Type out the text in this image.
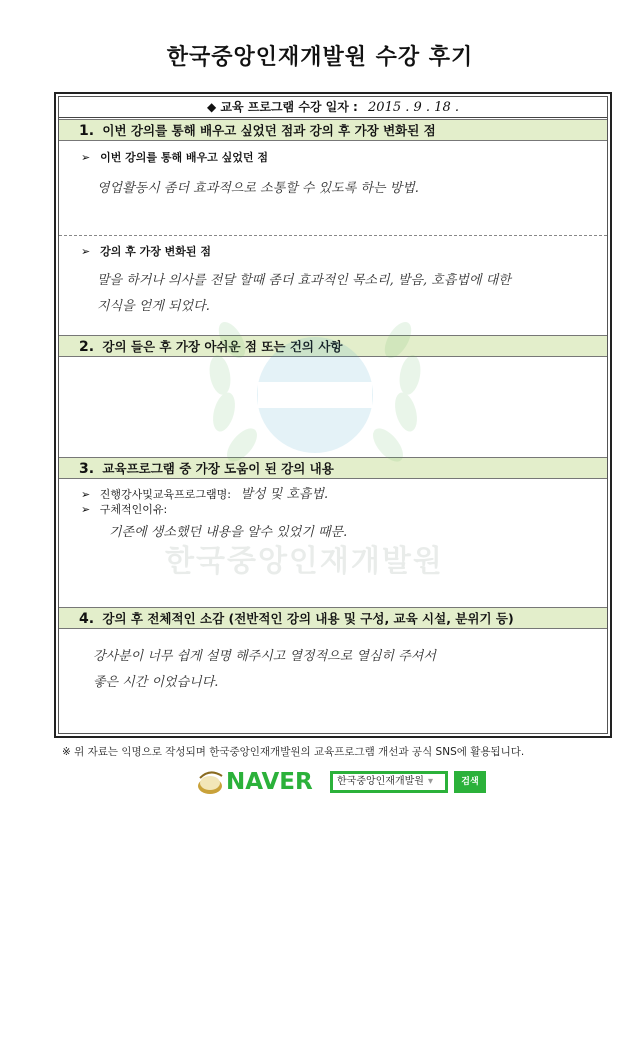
한국중앙인재개발원 수강 후기
◆ 교육 프로그램 수강 일자 : 2015 . 9 . 18 .
1. 이번 강의를 통해 배우고 싶었던 점과 강의 후 가장 변화된 점
➢ 이번 강의를 통해 배우고 싶었던 점
영업활동시 좀더 효과적으로 소통할 수 있도록 하는 방법.
➢ 강의 후 가장 변화된 점
말을 하거나 의사를 전달 할때 좀더 효과적인 목소리, 발음, 호흡법에 대한
지식을 얻게 되었다.
2. 강의 들은 후 가장 아쉬운 점 또는 건의 사항
3. 교육프로그램 중 가장 도움이 된 강의 내용
➢ 진행강사및교육프로그램명: 발성 및 호흡법.
➢ 구체적인이유:
기존에 생소했던 내용을 알수 있었기 때문.
4. 강의 후 전체적인 소감 (전반적인 강의 내용 및 구성, 교육 시설, 분위기 등)
강사분이 너무 쉽게 설명 해주시고 열정적으로 열심히 주셔서
좋은 시간 이었습니다.
한국중앙인재개발원
※ 위 자료는 익명으로 작성되며 한국중앙인재개발원의 교육프로그램 개선과 공식 SNS에 활용됩니다.
NAVER	한국중앙인재개발원 ▾	검색
